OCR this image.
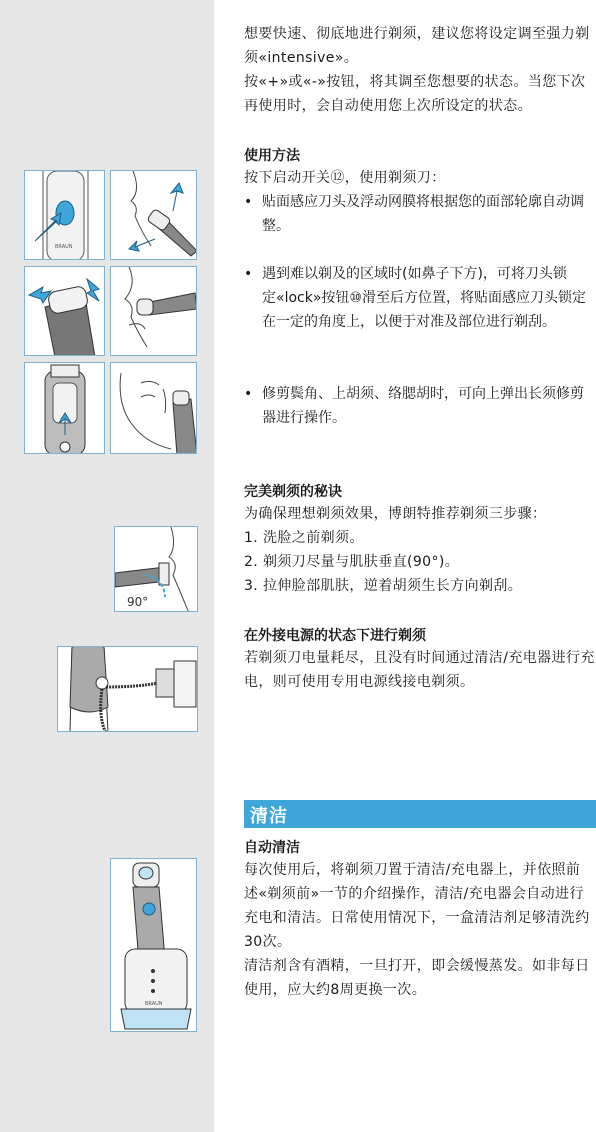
BRAUN
90°
BRAUN

想要快速、彻底地进行剃须，建议您将设定调至强力剃须«intensive»。

按«+»或«-»按钮，将其调至您想要的状态。当您下次再使用时，会自动使用您上次所设定的状态。

使用方法

按下启动开关⑫，使用剃须刀：

• 贴面感应刀头及浮动网膜将根据您的面部轮廓自动调整。
• 遇到难以剃及的区域时(如鼻子下方)，可将刀头锁定«lock»按钮⑩滑至后方位置，将贴面感应刀头锁定在一定的角度上，以便于对准及部位进行剃刮。
• 修剪鬓角、上胡须、络腮胡时，可向上弹出长须修剪器进行操作。

完美剃须的秘诀

为确保理想剃须效果，博朗特推荐剃须三步骤：

1. 洗脸之前剃须。

2. 剃须刀尽量与肌肤垂直(90°)。

3. 拉伸脸部肌肤，逆着胡须生长方向剃刮。

在外接电源的状态下进行剃须

若剃须刀电量耗尽，且没有时间通过清洁/充电器进行充电，则可使用专用电源线接电剃须。

自动清洁

每次使用后，将剃须刀置于清洁/充电器上，并依照前述«剃须前»一节的介绍操作，清洁/充电器会自动进行充电和清洁。日常使用情况下，一盒清洁剂足够清洗约30次。

清洁剂含有酒精，一旦打开，即会缓慢蒸发。如非每日使用，应大约8周更换一次。

清洁
